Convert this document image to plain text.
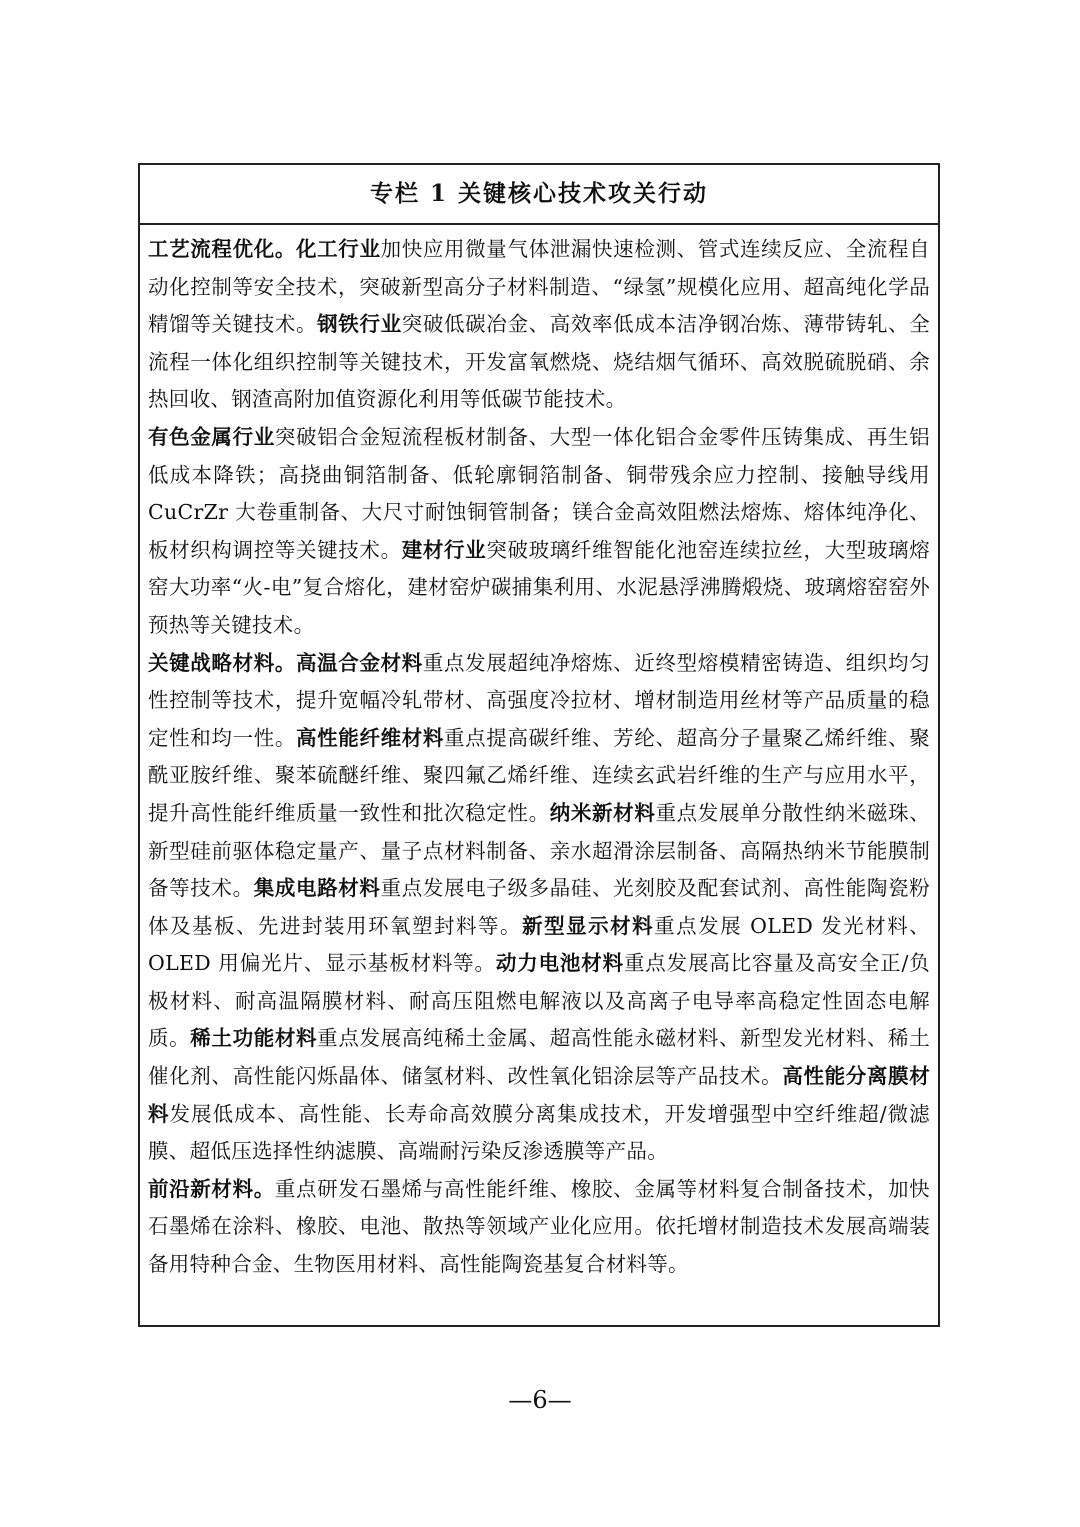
专栏 1 关键核心技术攻关行动

工艺流程优化。化工行业加快应用微量气体泄漏快速检测、管式连续反应、全流程自动化控制等安全技术，突破新型高分子材料制造、“绿氢”规模化应用、超高纯化学品精馏等关键技术。钢铁行业突破低碳冶金、高效率低成本洁净钢冶炼、薄带铸轧、全流程一体化组织控制等关键技术，开发富氧燃烧、烧结烟气循环、高效脱硫脱硝、余热回收、钢渣高附加值资源化利用等低碳节能技术。

有色金属行业突破铝合金短流程板材制备、大型一体化铝合金零件压铸集成、再生铝低成本降铁；高挠曲铜箔制备、低轮廓铜箔制备、铜带残余应力控制、接触导线用 CuCrZr 大卷重制备、大尺寸耐蚀铜管制备；镁合金高效阻燃法熔炼、熔体纯净化、板材织构调控等关键技术。建材行业突破玻璃纤维智能化池窑连续拉丝，大型玻璃熔窑大功率“火-电”复合熔化，建材窑炉碳捕集利用、水泥悬浮沸腾煅烧、玻璃熔窑窑外预热等关键技术。

关键战略材料。高温合金材料重点发展超纯净熔炼、近终型熔模精密铸造、组织均匀性控制等技术，提升宽幅冷轧带材、高强度冷拉材、增材制造用丝材等产品质量的稳定性和均一性。高性能纤维材料重点提高碳纤维、芳纶、超高分子量聚乙烯纤维、聚酰亚胺纤维、聚苯硫醚纤维、聚四氟乙烯纤维、连续玄武岩纤维的生产与应用水平，提升高性能纤维质量一致性和批次稳定性。纳米新材料重点发展单分散性纳米磁珠、新型硅前驱体稳定量产、量子点材料制备、亲水超滑涂层制备、高隔热纳米节能膜制备等技术。集成电路材料重点发展电子级多晶硅、光刻胶及配套试剂、高性能陶瓷粉体及基板、先进封装用环氧塑封料等。新型显示材料重点发展 OLED 发光材料、OLED 用偏光片、显示基板材料等。动力电池材料重点发展高比容量及高安全正/负极材料、耐高温隔膜材料、耐高压阻燃电解液以及高离子电导率高稳定性固态电解质。稀土功能材料重点发展高纯稀土金属、超高性能永磁材料、新型发光材料、稀土催化剂、高性能闪烁晶体、储氢材料、改性氧化铝涂层等产品技术。高性能分离膜材料发展低成本、高性能、长寿命高效膜分离集成技术，开发增强型中空纤维超/微滤膜、超低压选择性纳滤膜、高端耐污染反渗透膜等产品。

前沿新材料。重点研发石墨烯与高性能纤维、橡胶、金属等材料复合制备技术，加快石墨烯在涂料、橡胶、电池、散热等领域产业化应用。依托增材制造技术发展高端装备用特种合金、生物医用材料、高性能陶瓷基复合材料等。

—6—
